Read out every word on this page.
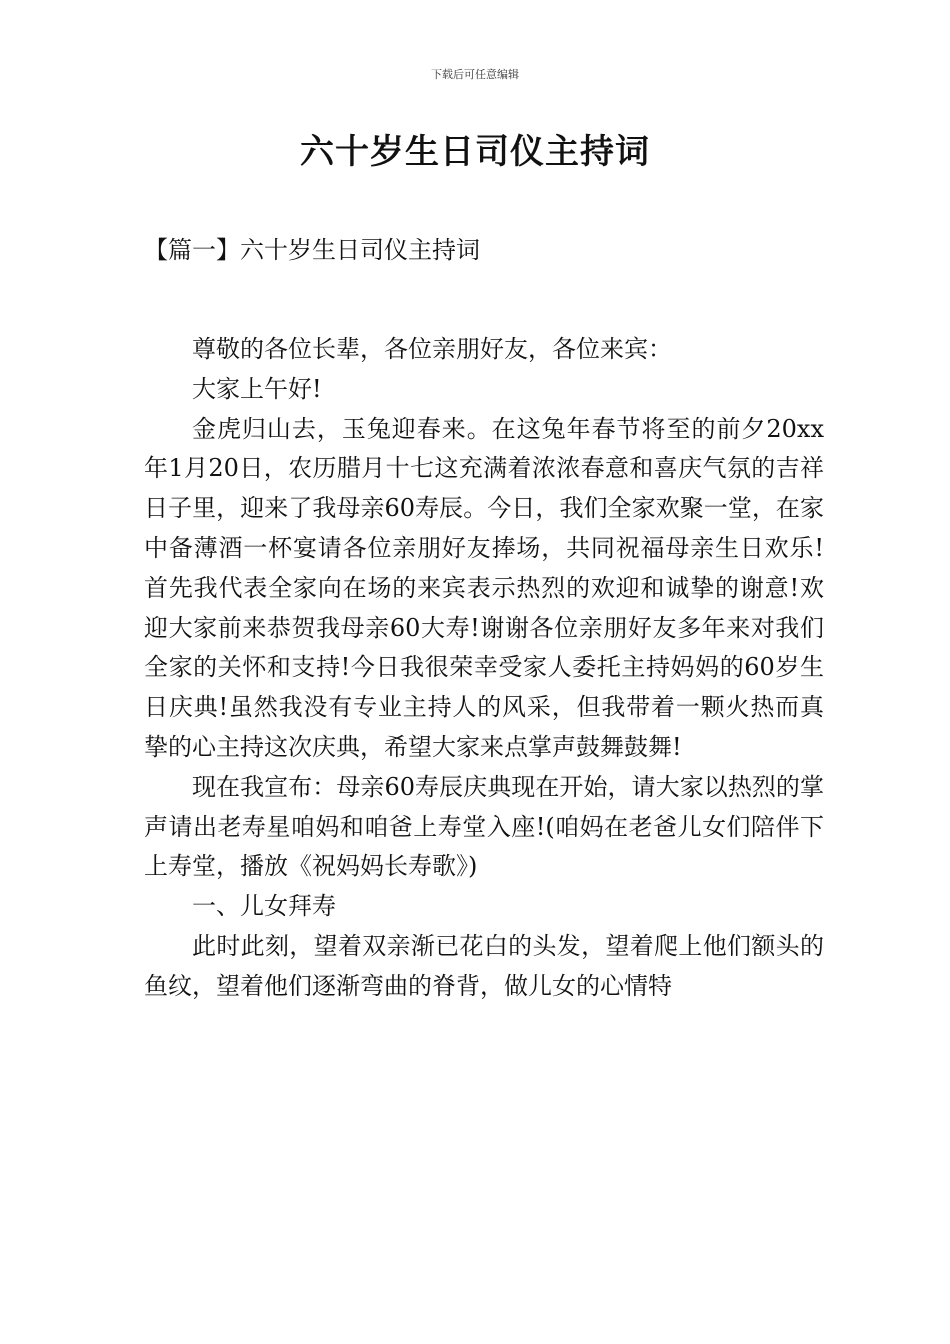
下载后可任意编辑
六十岁生日司仪主持词
【篇一】六十岁生日司仪主持词

尊敬的各位长辈，各位亲朋好友，各位来宾：

大家上午好!

金虎归山去，玉兔迎春来。在这兔年春节将至的前夕20xx年1月20日，农历腊月十七这充满着浓浓春意和喜庆气氛的吉祥日子里，迎来了我母亲60寿辰。今日，我们全家欢聚一堂，在家中备薄酒一杯宴请各位亲朋好友捧场，共同祝福母亲生日欢乐!首先我代表全家向在场的来宾表示热烈的欢迎和诚挚的谢意!欢迎大家前来恭贺我母亲60大寿!谢谢各位亲朋好友多年来对我们全家的关怀和支持!今日我很荣幸受家人委托主持妈妈的60岁生日庆典!虽然我没有专业主持人的风采，但我带着一颗火热而真挚的心主持这次庆典，希望大家来点掌声鼓舞鼓舞!

现在我宣布：母亲60寿辰庆典现在开始，请大家以热烈的掌声请出老寿星咱妈和咱爸上寿堂入座!(咱妈在老爸儿女们陪伴下上寿堂，播放《祝妈妈长寿歌》)

一、儿女拜寿

此时此刻，望着双亲渐已花白的头发，望着爬上他们额头的鱼纹，望着他们逐渐弯曲的脊背，做儿女的心情特
